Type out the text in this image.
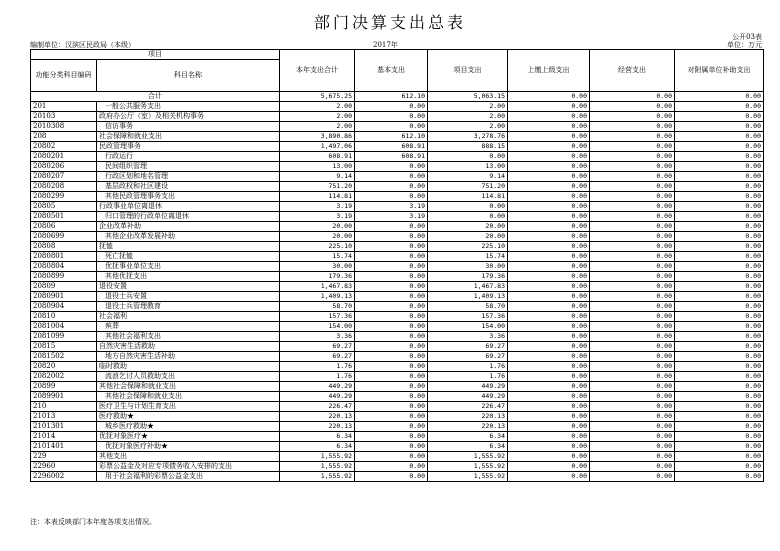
部门决算支出总表
公开03表
编制单位：汉滨区民政局（本级）	2017年	单位：万元
项目		本年支出合计	基本支出	项目支出	上缴上级支出	经营支出	对附属单位补助支出
功能分类科目编码	科目名称						
合计		5,675.25	612.10	5,063.15	0.00	0.00	0.00
201	一般公共服务支出	2.00	0.00	2.00	0.00	0.00	0.00
20103	政府办公厅（室）及相关机构事务	2.00	0.00	2.00	0.00	0.00	0.00
2010308	信访事务	2.00	0.00	2.00	0.00	0.00	0.00
208	社会保障和就业支出	3,890.86	612.10	3,278.76	0.00	0.00	0.00
20802	民政管理事务	1,497.06	608.91	888.15	0.00	0.00	0.00
2080201	行政运行	608.91	608.91	0.00	0.00	0.00	0.00
2080206	民间组织管理	13.00	0.00	13.00	0.00	0.00	0.00
2080207	行政区划和地名管理	9.14	0.00	9.14	0.00	0.00	0.00
2080208	基层政权和社区建设	751.20	0.00	751.20	0.00	0.00	0.00
2080299	其他民政管理事务支出	114.81	0.00	114.81	0.00	0.00	0.00
20805	行政事业单位离退休	3.19	3.19	0.00	0.00	0.00	0.00
2080501	归口管理的行政单位离退休	3.19	3.19	0.00	0.00	0.00	0.00
20806	企业改革补助	20.00	0.00	20.00	0.00	0.00	0.00
2080699	其他企业改革发展补助	20.00	0.00	20.00	0.00	0.00	0.00
20808	抚恤	225.10	0.00	225.10	0.00	0.00	0.00
2080801	死亡抚恤	15.74	0.00	15.74	0.00	0.00	0.00
2080804	优抚事业单位支出	30.00	0.00	30.00	0.00	0.00	0.00
2080899	其他优抚支出	179.36	0.00	179.36	0.00	0.00	0.00
20809	退役安置	1,467.83	0.00	1,467.83	0.00	0.00	0.00
2080901	退役士兵安置	1,409.13	0.00	1,409.13	0.00	0.00	0.00
2080904	退役士兵管理教育	58.70	0.00	58.70	0.00	0.00	0.00
20810	社会福利	157.36	0.00	157.36	0.00	0.00	0.00
2081004	殡葬	154.00	0.00	154.00	0.00	0.00	0.00
2081099	其他社会福利支出	3.36	0.00	3.36	0.00	0.00	0.00
20815	自然灾害生活救助	69.27	0.00	69.27	0.00	0.00	0.00
2081502	地方自然灾害生活补助	69.27	0.00	69.27	0.00	0.00	0.00
20820	临时救助	1.76	0.00	1.76	0.00	0.00	0.00
2082002	流浪乞讨人员救助支出	1.76	0.00	1.76	0.00	0.00	0.00
20899	其他社会保障和就业支出	449.29	0.00	449.29	0.00	0.00	0.00
2089901	其他社会保障和就业支出	449.29	0.00	449.29	0.00	0.00	0.00
210	医疗卫生与计划生育支出	226.47	0.00	226.47	0.00	0.00	0.00
21013	医疗救助★	220.13	0.00	220.13	0.00	0.00	0.00
2101301	城乡医疗救助★	220.13	0.00	220.13	0.00	0.00	0.00
21014	优抚对象医疗★	6.34	0.00	6.34	0.00	0.00	0.00
2101401	优抚对象医疗补助★	6.34	0.00	6.34	0.00	0.00	0.00
229	其他支出	1,555.92	0.00	1,555.92	0.00	0.00	0.00
22960	彩票公益金及对应专项债务收入安排的支出	1,555.92	0.00	1,555.92	0.00	0.00	0.00
2296002	用于社会福利的彩票公益金支出	1,555.92	0.00	1,555.92	0.00	0.00	0.00
注：本表反映部门本年度各项支出情况。
